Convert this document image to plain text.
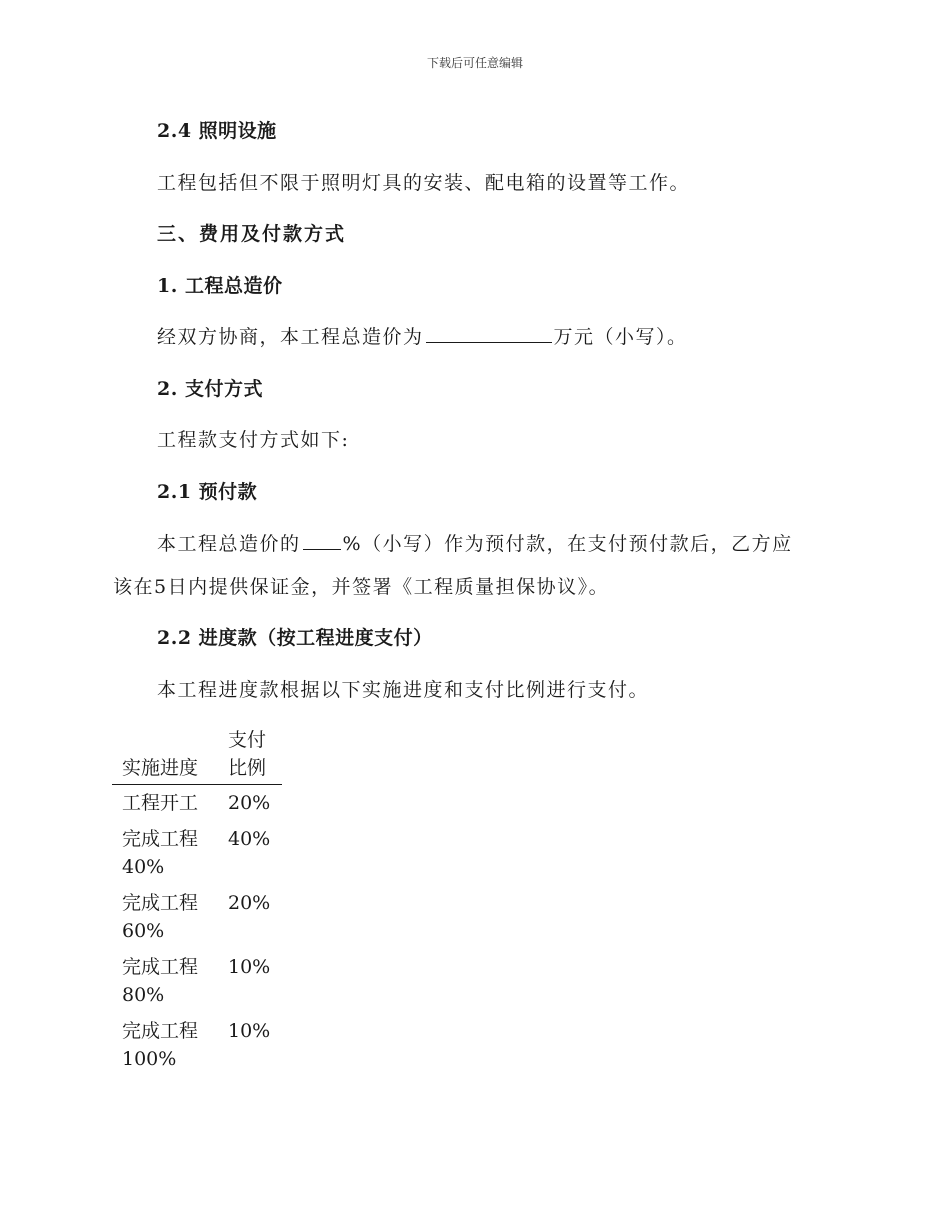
下载后可任意编辑
2.4 照明设施
工程包括但不限于照明灯具的安装、配电箱的设置等工作。
三、费用及付款方式
1. 工程总造价
经双方协商，本工程总造价为	万元（小写）。
2. 支付方式
工程款支付方式如下:
2.1 预付款
本工程总造价的 %（小写）作为预付款，在支付预付款后，乙方应
该在5日内提供保证金，并签署《工程质量担保协议》。
2.2 进度款（按工程进度支付）
本工程进度款根据以下实施进度和支付比例进行支付。
实施进度	支付比例
工程开工	20%
完成工程40%	40%
完成工程60%	20%
完成工程80%	10%
完成工程100%	10%
